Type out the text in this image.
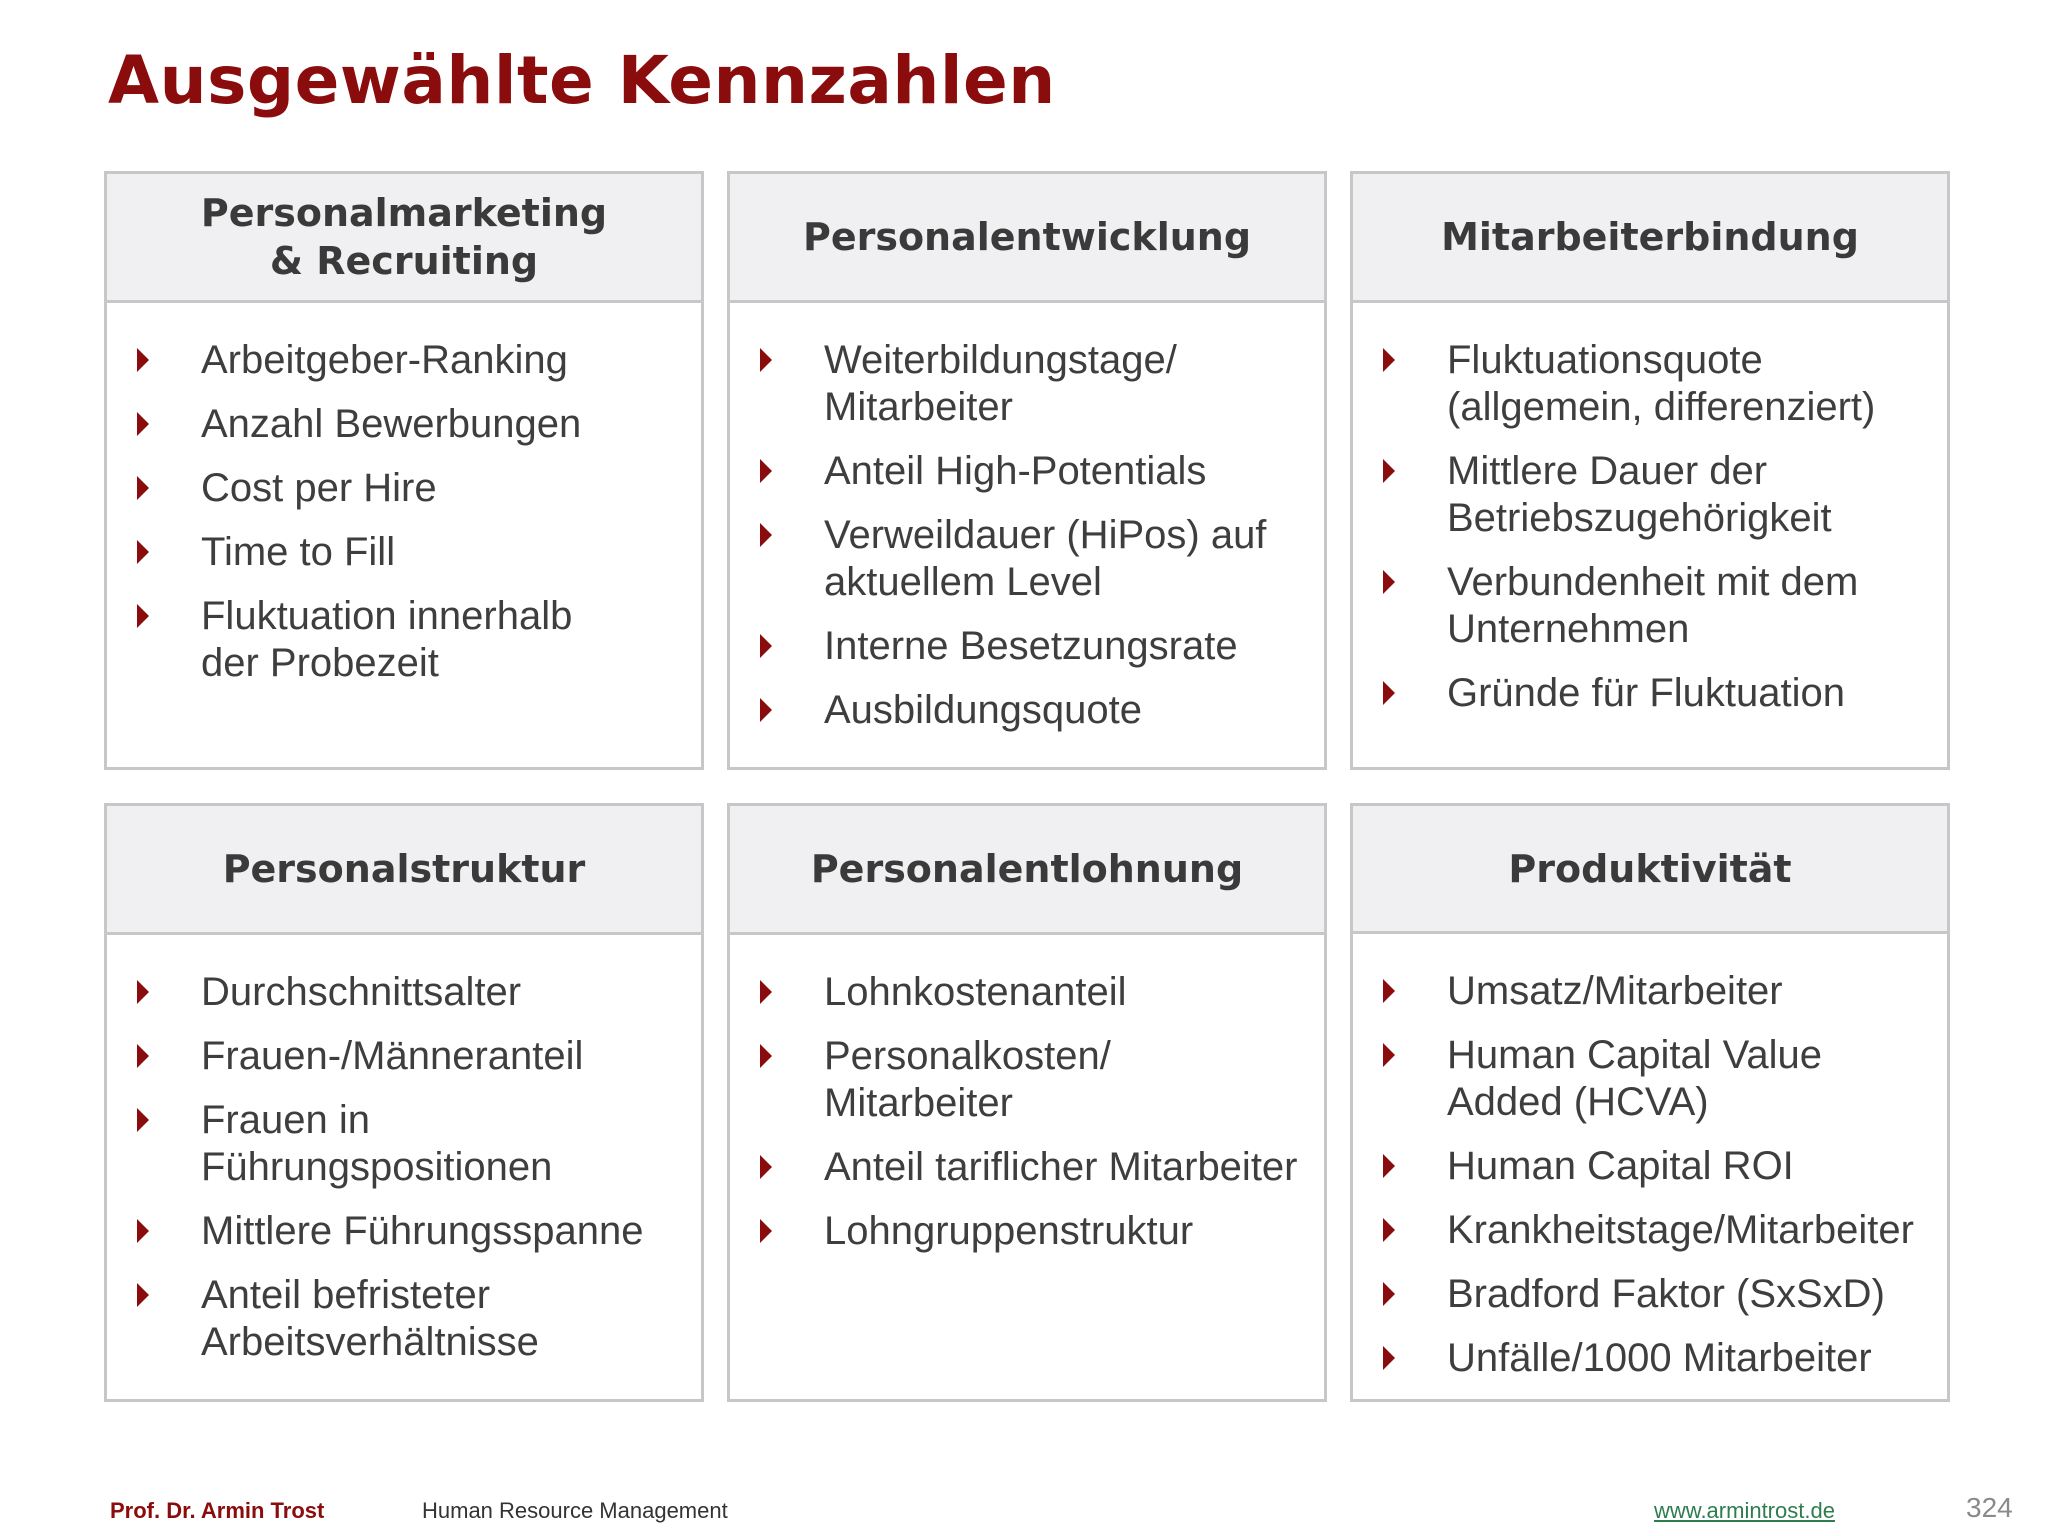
Ausgewählte Kennzahlen
Personalmarketing & Recruiting
Arbeitgeber-Ranking
Anzahl Bewerbungen
Cost per Hire
Time to Fill
Fluktuation innerhalb der Probezeit
Personalentwicklung
Weiterbildungstage/ Mitarbeiter
Anteil High-Potentials
Verweildauer (HiPos) auf aktuellem Level
Interne Besetzungsrate
Ausbildungsquote
Mitarbeiterbindung
Fluktuationsquote (allgemein, differenziert)
Mittlere Dauer der Betriebszugehörigkeit
Verbundenheit mit dem Unternehmen
Gründe für Fluktuation
Personalstruktur
Durchschnittsalter
Frauen-/Männeranteil
Frauen in Führungspositionen
Mittlere Führungsspanne
Anteil befristeter Arbeitsverhältnisse
Personalentlohnung
Lohnkostenanteil
Personalkosten/ Mitarbeiter
Anteil tariflicher Mitarbeiter
Lohngruppenstruktur
Produktivität
Umsatz/Mitarbeiter
Human Capital Value Added (HCVA)
Human Capital ROI
Krankheitstage/Mitarbeiter
Bradford Faktor (SxSxD)
Unfälle/1000 Mitarbeiter
Prof. Dr. Armin Trost	Human Resource Management	www.armintrost.de	324
